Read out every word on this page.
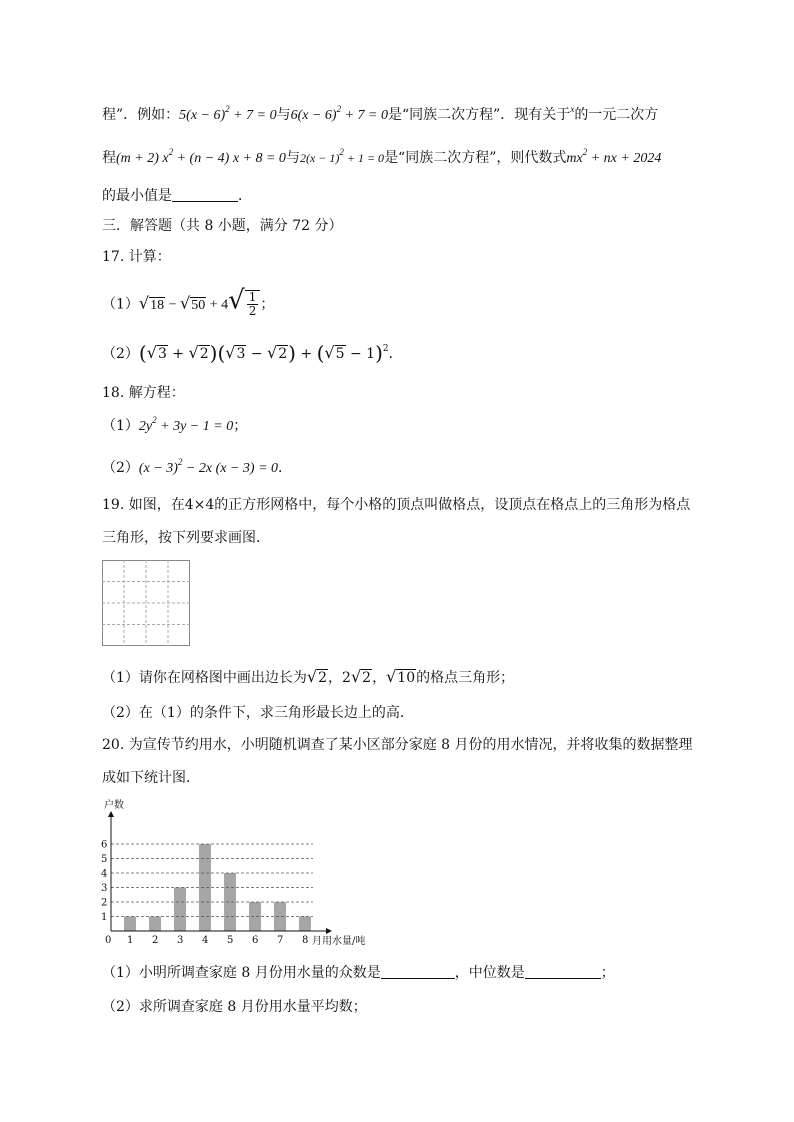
程”．例如：$5(x - 6)^2 + 7 = 0$与$6(x - 6)^2 + 7 = 0$是“同族二次方程”．现有关于$^x$的一元二次方
程(m + 2) $x^2 + (n - 4) x + 8 = 0$与$2(x - 1)^2 + 1 = 0$是“同族二次方程”，则代数式$mx^2$ + nx + 2024
的最小值是	．
三．解答题（共 8 小题，满分 72 分）
17. 计算：
$(1)√18 - √50 + 4√ \frac{1}{2}$ ；
$(2)(√3 + √2)(√3 - √2) + (√5 - 1)^2$．
18. 解方程：
$(1)2y^2 + 3y - 1 = 0$；
$(2)(x - 3)^2 - 2x$ (x − 3) = 0．
19. 如图，在4×4的正方形网格中，每个小格的顶点叫做格点，设顶点在格点上的三角形为格点
三角形，按下列要求画图．
（1）请你在网格图中画出边长为√2，2√2，√10的格点三角形；
（2）在（1）的条件下，求三角形最长边上的高．
20. 为宣传节约用水，小明随机调查了某小区部分家庭 8 月份的用水情况，并将收集的数据整理
成如下统计图．
户数
1
2
3
4
5
6
1 2 3 4 5 6 7 8
0	月用水量/吨
（1）小明所调查家庭 8 月份用水量的众数是	，中位数是	；
（2）求所调查家庭 8 月份用水量平均数；
